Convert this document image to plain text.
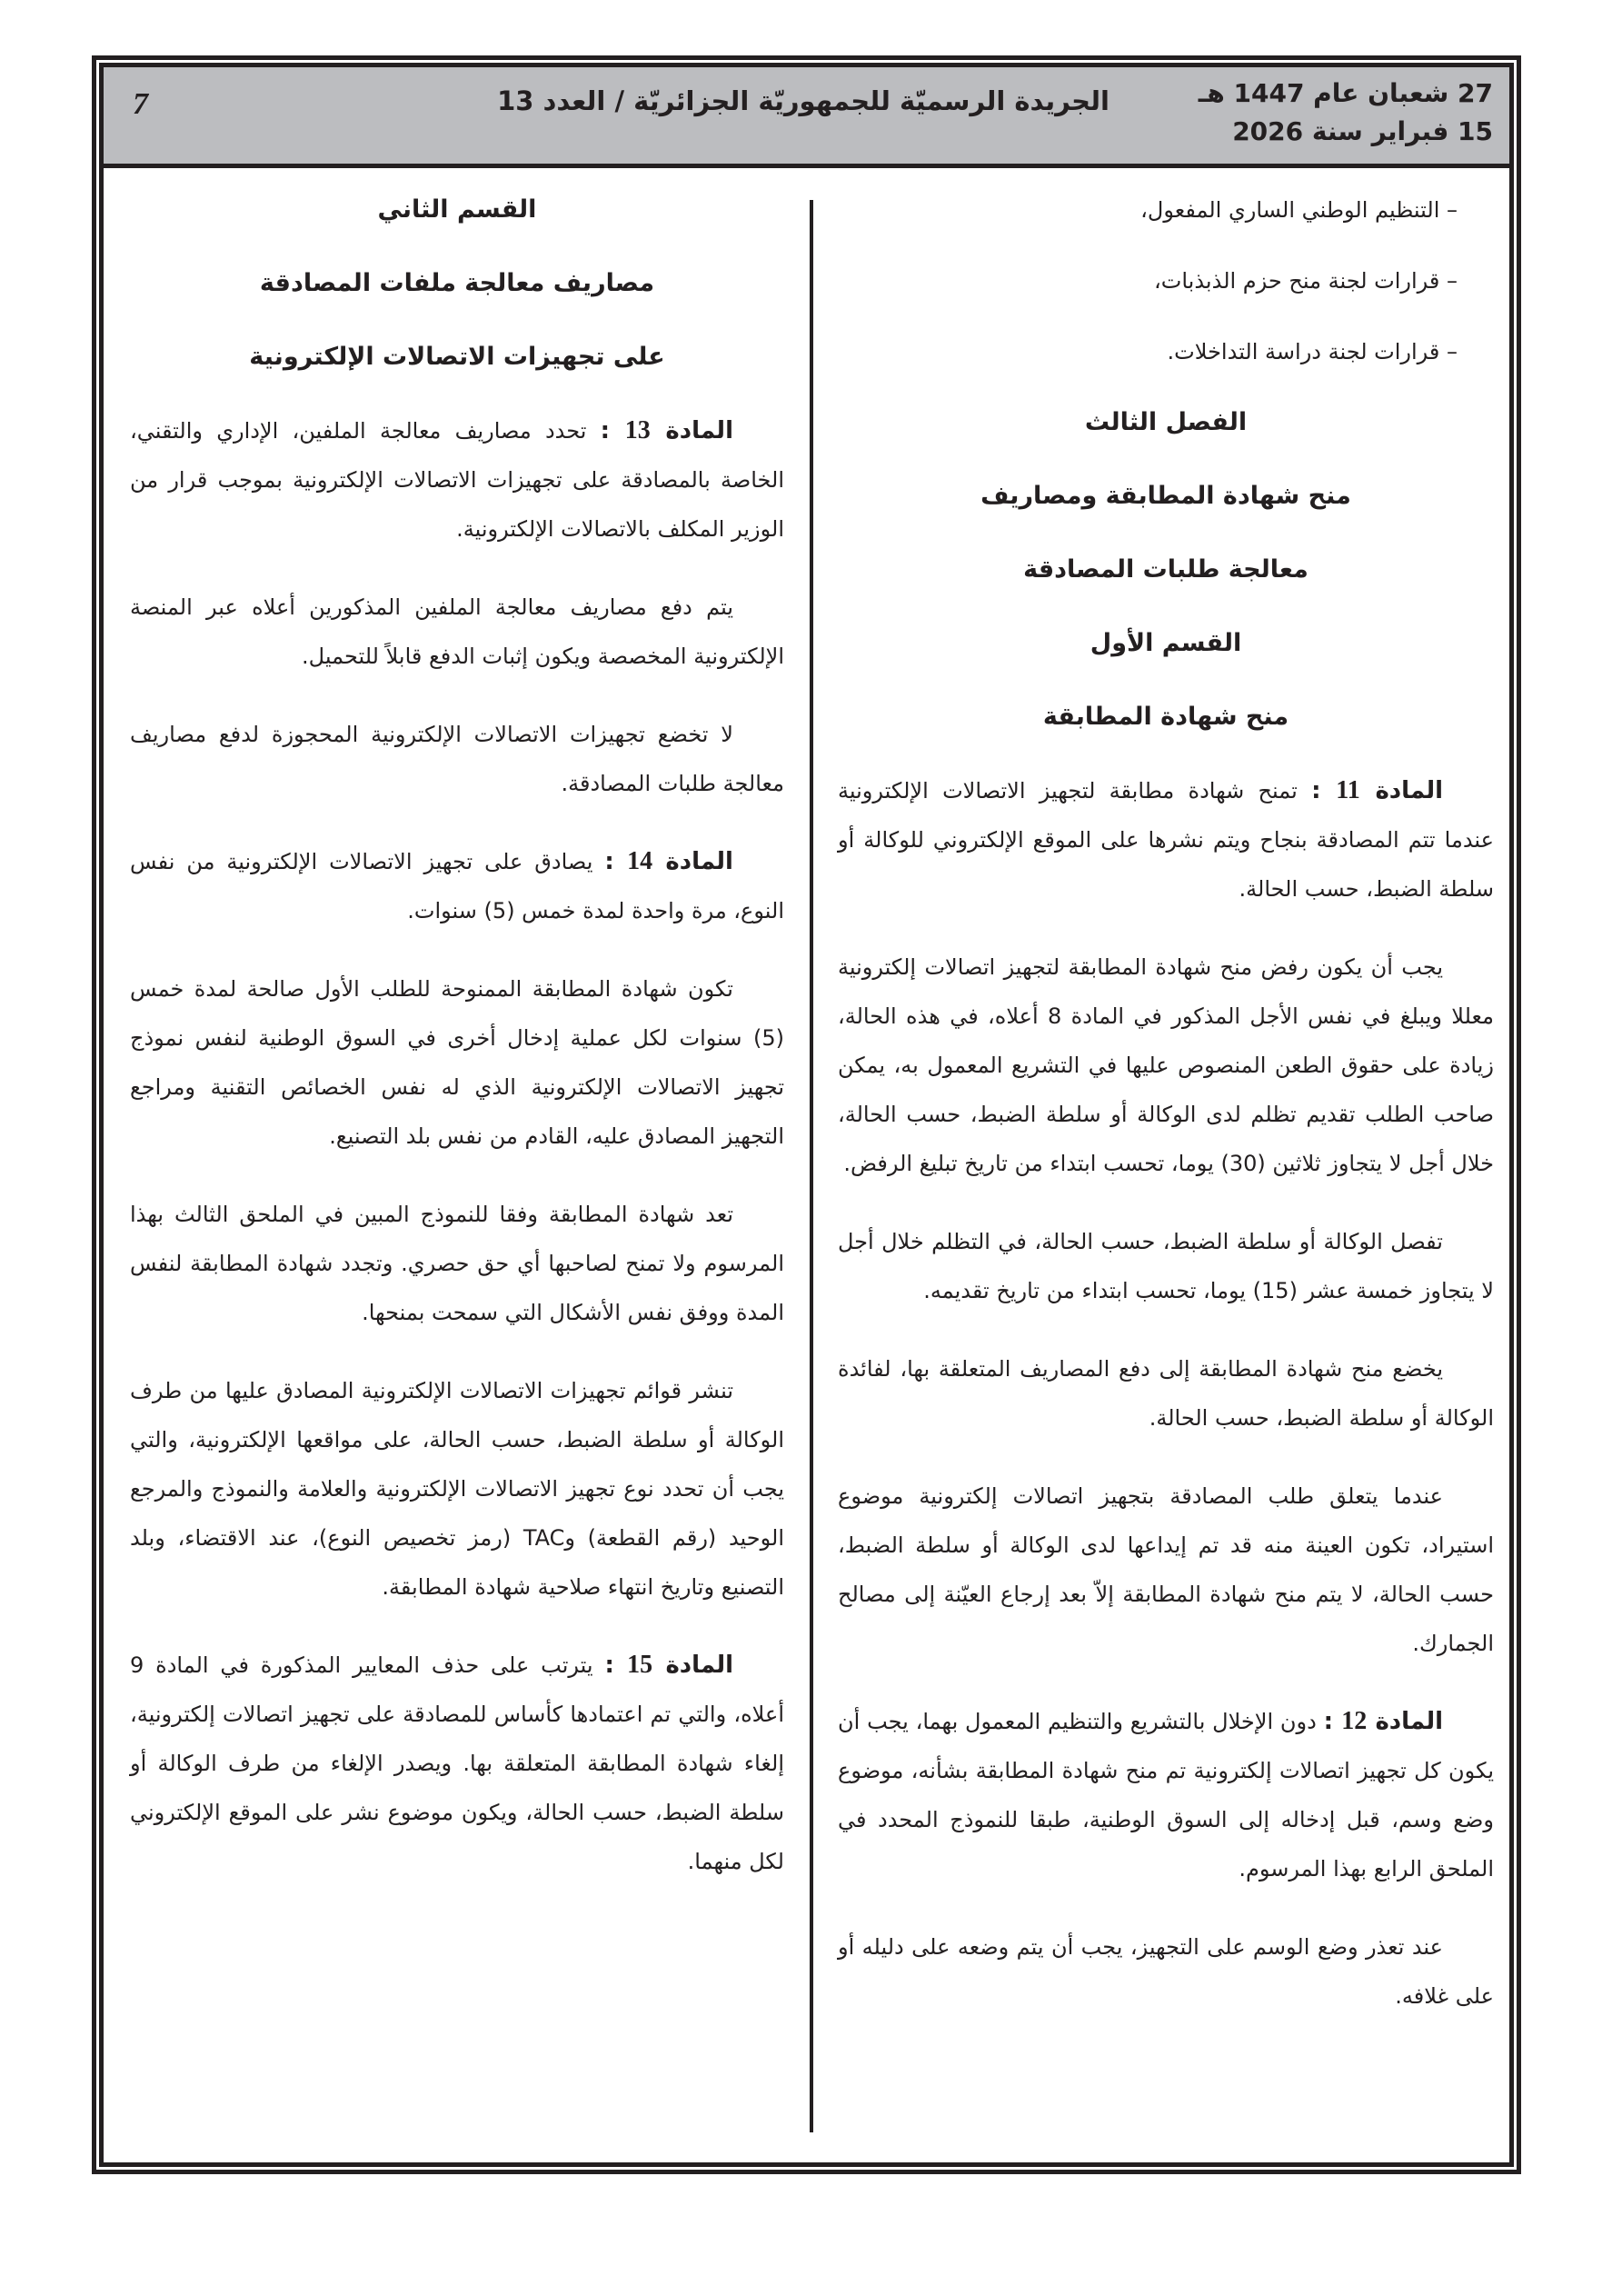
7	الجريدة الرسميّة للجمهوريّة الجزائريّة / العدد 13	27 شعبان عام 1447 هـ
15 فبراير سنة 2026
– التنظيم الوطني الساري المفعول،
– قرارات لجنة منح حزم الذبذبات،
– قرارات لجنة دراسة التداخلات.
الفصل الثالث
منح شهادة المطابقة ومصاريف
معالجة طلبات المصادقة
القسم الأول
منح شهادة المطابقة

المادة 11 : تمنح شهادة مطابقة لتجهيز الاتصالات الإلكترونية عندما تتم المصادقة بنجاح ويتم نشرها على الموقع الإلكتروني للوكالة أو سلطة الضبط، حسب الحالة.

يجب أن يكون رفض منح شهادة المطابقة لتجهيز اتصالات إلكترونية معللا ويبلغ في نفس الأجل المذكور في المادة 8 أعلاه، في هذه الحالة، زيادة على حقوق الطعن المنصوص عليها في التشريع المعمول به، يمكن صاحب الطلب تقديم تظلم لدى الوكالة أو سلطة الضبط، حسب الحالة، خلال أجل لا يتجاوز ثلاثين (30) يوما، تحسب ابتداء من تاريخ تبليغ الرفض.

تفصل الوكالة أو سلطة الضبط، حسب الحالة، في التظلم خلال أجل لا يتجاوز خمسة عشر (15) يوما، تحسب ابتداء من تاريخ تقديمه.

يخضع منح شهادة المطابقة إلى دفع المصاريف المتعلقة بها، لفائدة الوكالة أو سلطة الضبط، حسب الحالة.

عندما يتعلق طلب المصادقة بتجهيز اتصالات إلكترونية موضوع استيراد، تكون العينة منه قد تم إيداعها لدى الوكالة أو سلطة الضبط، حسب الحالة، لا يتم منح شهادة المطابقة إلاّ بعد إرجاع العيّنة إلى مصالح الجمارك.

المادة 12 : دون الإخلال بالتشريع والتنظيم المعمول بهما، يجب أن يكون كل تجهيز اتصالات إلكترونية تم منح شهادة المطابقة بشأنه، موضوع وضع وسم، قبل إدخاله إلى السوق الوطنية، طبقا للنموذج المحدد في الملحق الرابع بهذا المرسوم.

عند تعذر وضع الوسم على التجهيز، يجب أن يتم وضعه على دليله أو على غلافه.

القسم الثاني
مصاريف معالجة ملفات المصادقة
على تجهيزات الاتصالات الإلكترونية

المادة 13 : تحدد مصاريف معالجة الملفين، الإداري والتقني، الخاصة بالمصادقة على تجهيزات الاتصالات الإلكترونية بموجب قرار من الوزير المكلف بالاتصالات الإلكترونية.

يتم دفع مصاريف معالجة الملفين المذكورين أعلاه عبر المنصة الإلكترونية المخصصة ويكون إثبات الدفع قابلاً للتحميل.

لا تخضع تجهيزات الاتصالات الإلكترونية المحجوزة لدفع مصاريف معالجة طلبات المصادقة.

المادة 14 : يصادق على تجهيز الاتصالات الإلكترونية من نفس النوع، مرة واحدة لمدة خمس (5) سنوات.

تكون شهادة المطابقة الممنوحة للطلب الأول صالحة لمدة خمس (5) سنوات لكل عملية إدخال أخرى في السوق الوطنية لنفس نموذج تجهيز الاتصالات الإلكترونية الذي له نفس الخصائص التقنية ومراجع التجهيز المصادق عليه، القادم من نفس بلد التصنيع.

تعد شهادة المطابقة وفقا للنموذج المبين في الملحق الثالث بهذا المرسوم ولا تمنح لصاحبها أي حق حصري. وتجدد شهادة المطابقة لنفس المدة ووفق نفس الأشكال التي سمحت بمنحها.

تنشر قوائم تجهيزات الاتصالات الإلكترونية المصادق عليها من طرف الوكالة أو سلطة الضبط، حسب الحالة، على مواقعها الإلكترونية، والتي يجب أن تحدد نوع تجهيز الاتصالات الإلكترونية والعلامة والنموذج والمرجع الوحيد (رقم القطعة) وTAC (رمز تخصيص النوع)، عند الاقتضاء، وبلد التصنيع وتاريخ انتهاء صلاحية شهادة المطابقة.

المادة 15 : يترتب على حذف المعايير المذكورة في المادة 9 أعلاه، والتي تم اعتمادها كأساس للمصادقة على تجهيز اتصالات إلكترونية، إلغاء شهادة المطابقة المتعلقة بها. ويصدر الإلغاء من طرف الوكالة أو سلطة الضبط، حسب الحالة، ويكون موضوع نشر على الموقع الإلكتروني لكل منهما.
